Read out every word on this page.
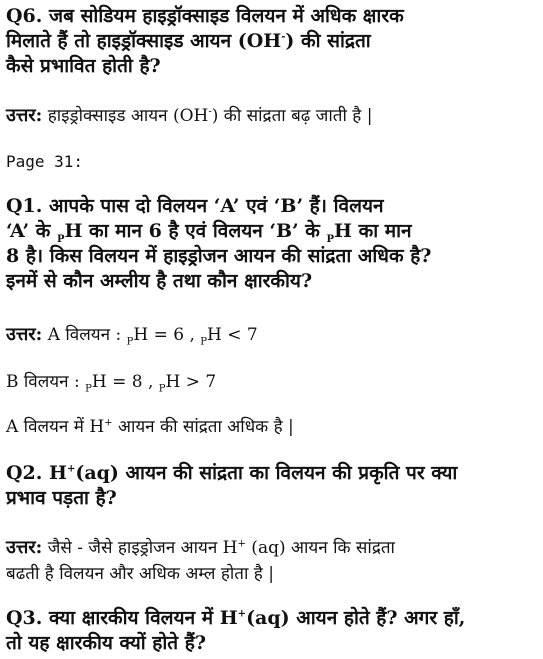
Q6. जब सोडियम हाइड्रॉक्साइड विलयन में अधिक क्षारक
मिलाते हैं तो हाइड्रॉक्साइड आयन (OH-) की सांद्रता
कैसे प्रभावित होती है?
उत्तर: हाइड्रोक्साइड आयन (OH-) की सांद्रता बढ़ जाती है |
Page 31:
Q1. आपके पास दो विलयन ‘A’ एवं ‘B’ हैं। विलयन
‘A’ के $_P$H का मान 6 है एवं विलयन ‘B’ के $_P$H का मान
8 है। किस विलयन में हाइड्रोजन आयन की सांद्रता अधिक है?
इनमें से कौन अम्लीय है तथा कौन क्षारकीय?
उत्तर: A विलयन : $_P$H = 6 , $_P$H < 7
B विलयन : $_P$H = 8 , $_P$H > 7
A विलयन में H+ आयन की सांद्रता अधिक है |
Q2. H+(aq) आयन की सांद्रता का विलयन की प्रकृति पर क्या
प्रभाव पड़ता है?
उत्तर: जैसे - जैसे हाइड्रोजन आयन H+ (aq) आयन कि सांद्रता
बढती है विलयन और अधिक अम्ल होता है |
Q3. क्या क्षारकीय विलयन में H+(aq) आयन होते हैं? अगर हाँ,
तो यह क्षारकीय क्यों होते हैं?
